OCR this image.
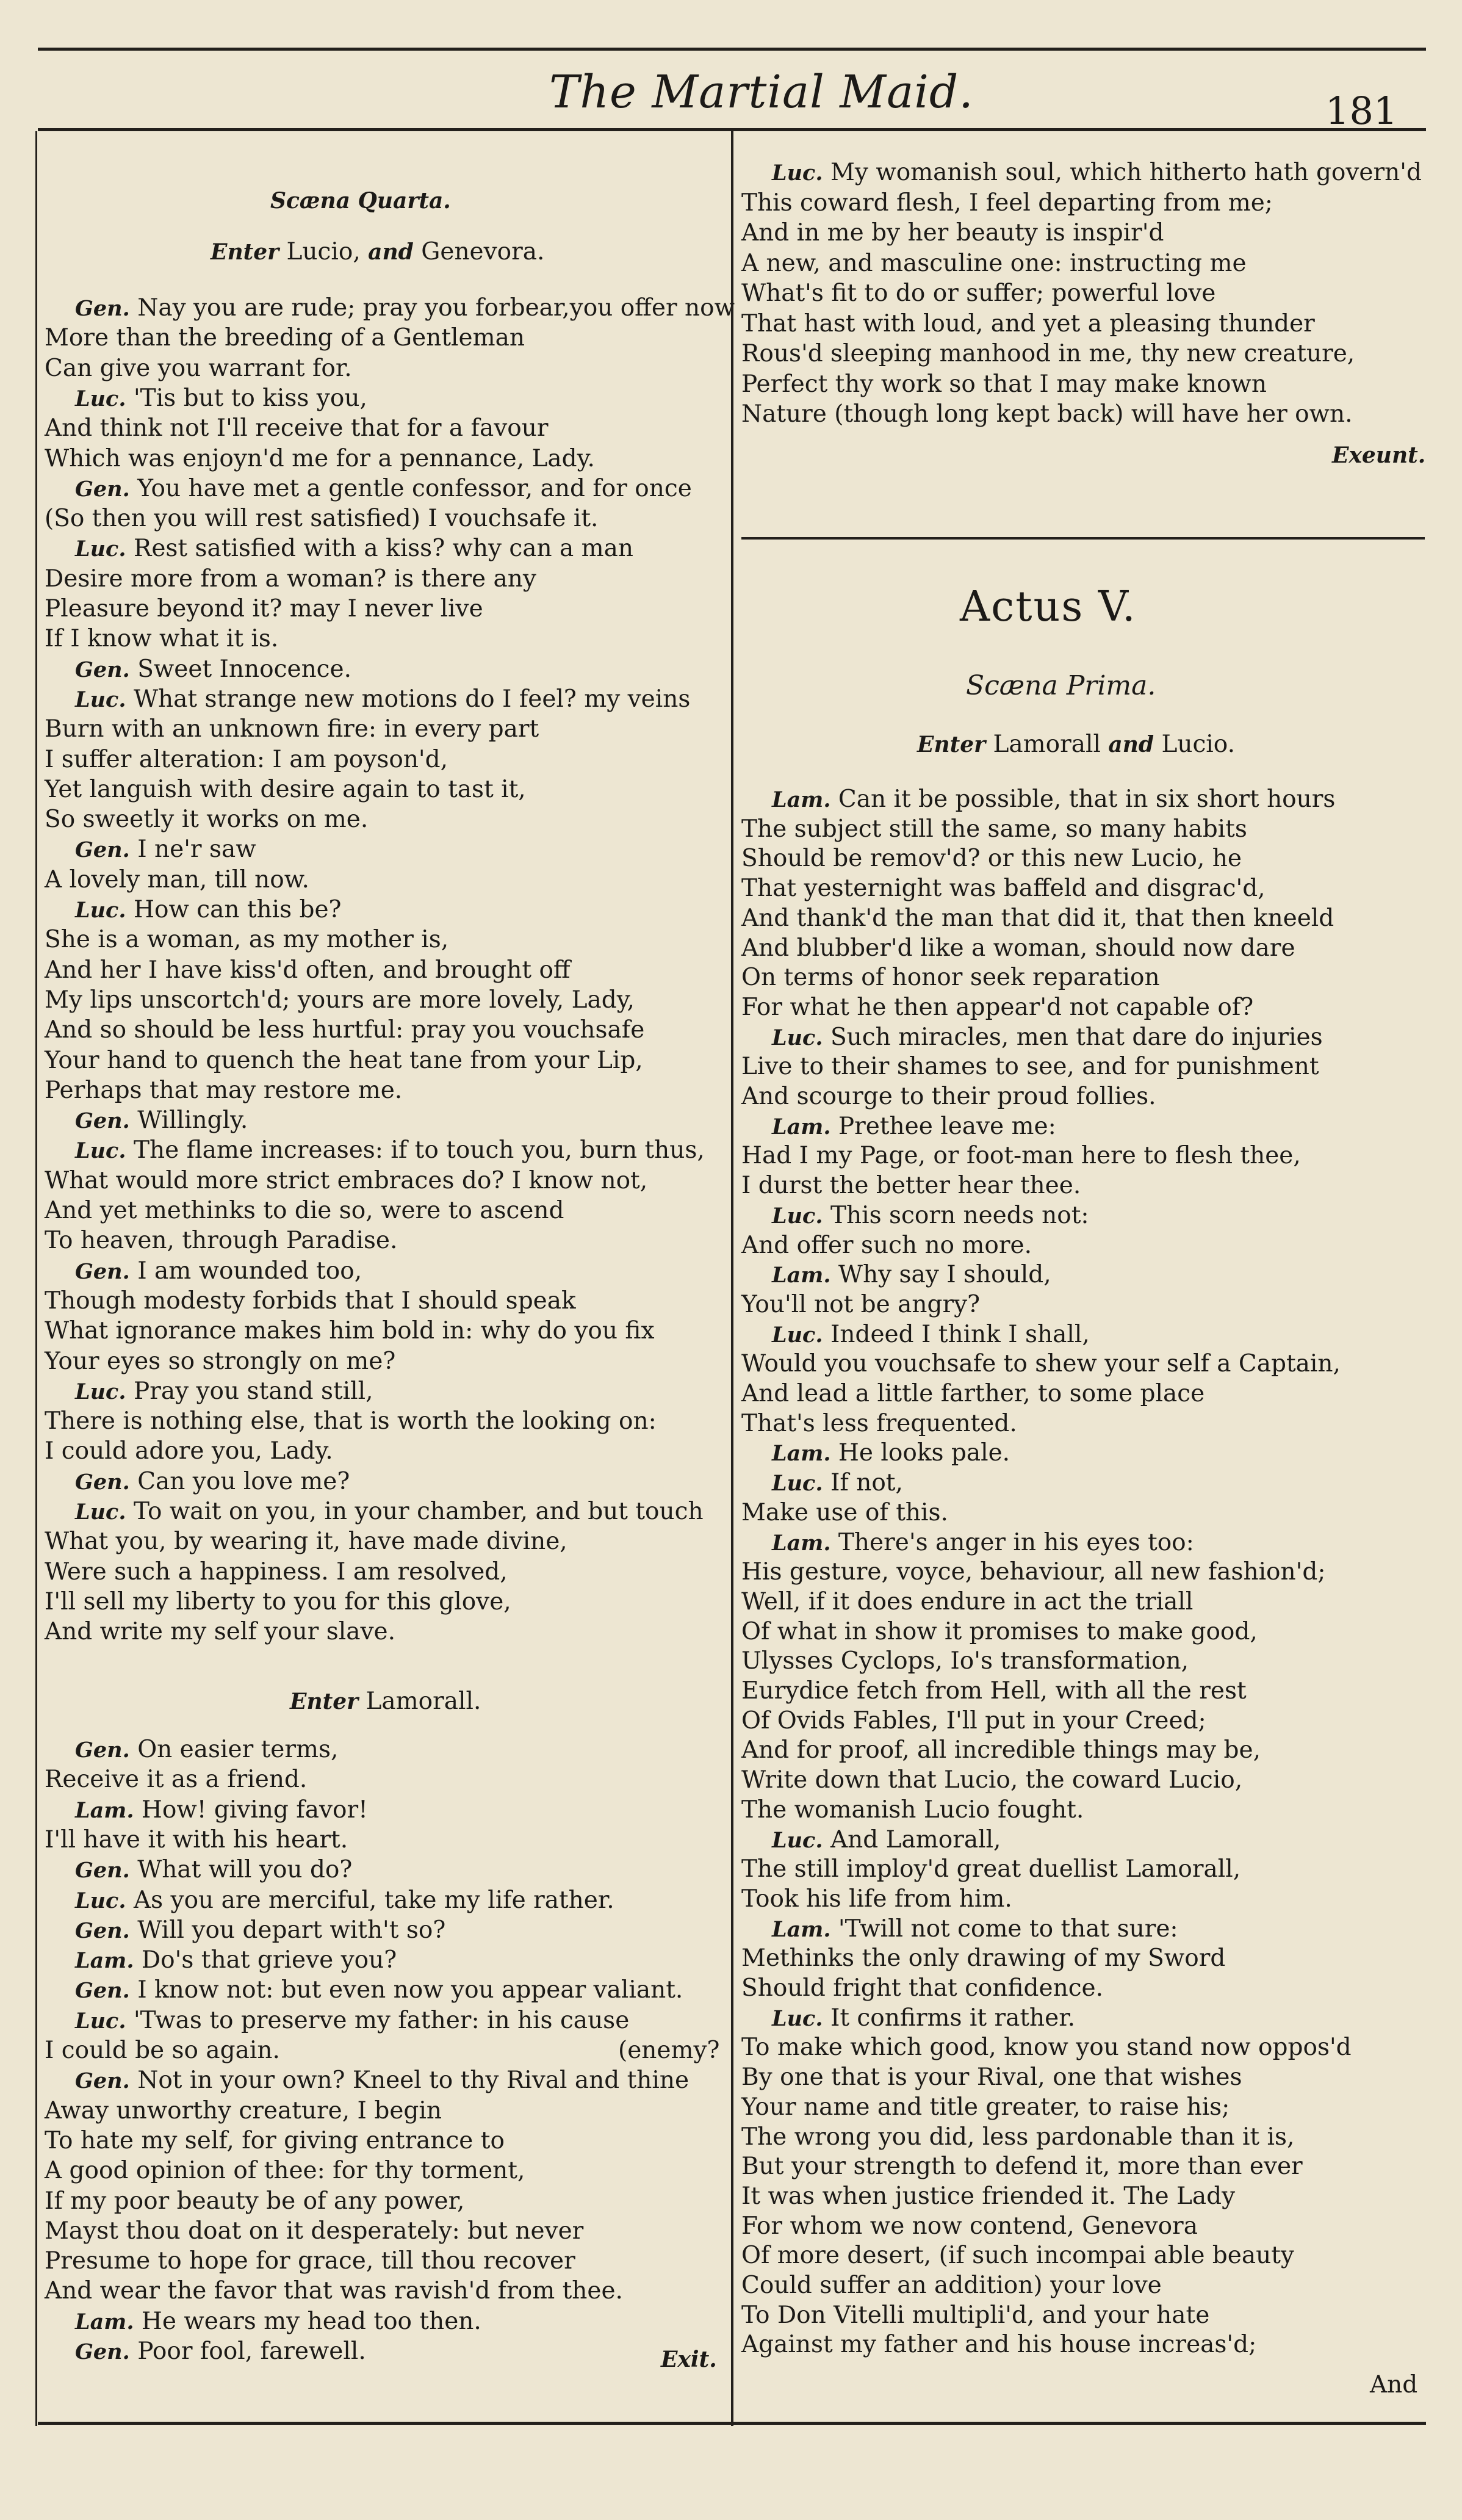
The Martial Maid.	181
Scæna Quarta.
Enter Lucio, and Genevora.
Gen. Nay you are rude; pray you forbear,you offer now
More than the breeding of a Gentleman
Can give you warrant for.
Luc. 'Tis but to kiss you,
And think not I'll receive that for a favour
Which was enjoyn'd me for a pennance, Lady.
Gen. You have met a gentle confessor, and for once
(So then you will rest satisfied) I vouchsafe it.
Luc. Rest satisfied with a kiss? why can a man
Desire more from a woman? is there any
Pleasure beyond it? may I never live
If I know what it is.
Gen. Sweet Innocence.
Luc. What strange new motions do I feel? my veins
Burn with an unknown fire: in every part
I suffer alteration: I am poyson'd,
Yet languish with desire again to tast it,
So sweetly it works on me.
Gen. I ne'r saw
A lovely man, till now.
Luc. How can this be?
She is a woman, as my mother is,
And her I have kiss'd often, and brought off
My lips unscortch'd; yours are more lovely, Lady,
And so should be less hurtful: pray you vouchsafe
Your hand to quench the heat tane from your Lip,
Perhaps that may restore me.
Gen. Willingly.
Luc. The flame increases: if to touch you, burn thus,
What would more strict embraces do? I know not,
And yet methinks to die so, were to ascend
To heaven, through Paradise.
Gen. I am wounded too,
Though modesty forbids that I should speak
What ignorance makes him bold in: why do you fix
Your eyes so strongly on me?
Luc. Pray you stand still,
There is nothing else, that is worth the looking on:
I could adore you, Lady.
Gen. Can you love me?
Luc. To wait on you, in your chamber, and but touch
What you, by wearing it, have made divine,
Were such a happiness. I am resolved,
I'll sell my liberty to you for this glove,
And write my self your slave.
Enter Lamorall.
Gen. On easier terms,
Receive it as a friend.
Lam. How! giving favor!
I'll have it with his heart.
Gen. What will you do?
Luc. As you are merciful, take my life rather.
Gen. Will you depart with't so?
Lam. Do's that grieve you?
Gen. I know not: but even now you appear valiant.
Luc. 'Twas to preserve my father: in his cause
I could be so again.	(enemy?
Gen. Not in your own? Kneel to thy Rival and thine
Away unworthy creature, I begin
To hate my self, for giving entrance to
A good opinion of thee: for thy torment,
If my poor beauty be of any power,
Mayst thou doat on it desperately: but never
Presume to hope for grace, till thou recover
And wear the favor that was ravish'd from thee.
Lam. He wears my head too then.
Gen. Poor fool, farewell.	Exit.
Luc. My womanish soul, which hitherto hath govern'd
This coward flesh, I feel departing from me;
And in me by her beauty is inspir'd
A new, and masculine one: instructing me
What's fit to do or suffer; powerful love
That hast with loud, and yet a pleasing thunder
Rous'd sleeping manhood in me, thy new creature,
Perfect thy work so that I may make known
Nature (though long kept back) will have her own.
Exeunt.
Actus V.
Scæna Prima.
Enter Lamorall and Lucio.
Lam. Can it be possible, that in six short hours
The subject still the same, so many habits
Should be remov'd? or this new Lucio, he
That yesternight was baffeld and disgrac'd,
And thank'd the man that did it, that then kneeld
And blubber'd like a woman, should now dare
On terms of honor seek reparation
For what he then appear'd not capable of?
Luc. Such miracles, men that dare do injuries
Live to their shames to see, and for punishment
And scourge to their proud follies.
Lam. Prethee leave me:
Had I my Page, or foot-man here to flesh thee,
I durst the better hear thee.
Luc. This scorn needs not:
And offer such no more.
Lam. Why say I should,
You'll not be angry?
Luc. Indeed I think I shall,
Would you vouchsafe to shew your self a Captain,
And lead a little farther, to some place
That's less frequented.
Lam. He looks pale.
Luc. If not,
Make use of this.
Lam. There's anger in his eyes too:
His gesture, voyce, behaviour, all new fashion'd;
Well, if it does endure in act the triall
Of what in show it promises to make good,
Ulysses Cyclops, Io's transformation,
Eurydice fetch from Hell, with all the rest
Of Ovids Fables, I'll put in your Creed;
And for proof, all incredible things may be,
Write down that Lucio, the coward Lucio,
The womanish Lucio fought.
Luc. And Lamorall,
The still imploy'd great duellist Lamorall,
Took his life from him.
Lam. 'Twill not come to that sure:
Methinks the only drawing of my Sword
Should fright that confidence.
Luc. It confirms it rather.
To make which good, know you stand now oppos'd
By one that is your Rival, one that wishes
Your name and title greater, to raise his;
The wrong you did, less pardonable than it is,
But your strength to defend it, more than ever
It was when justice friended it. The Lady
For whom we now contend, Genevora
Of more desert, (if such incompai able beauty
Could suffer an addition) your love
To Don Vitelli multipli'd, and your hate
Against my father and his house increas'd;
And
